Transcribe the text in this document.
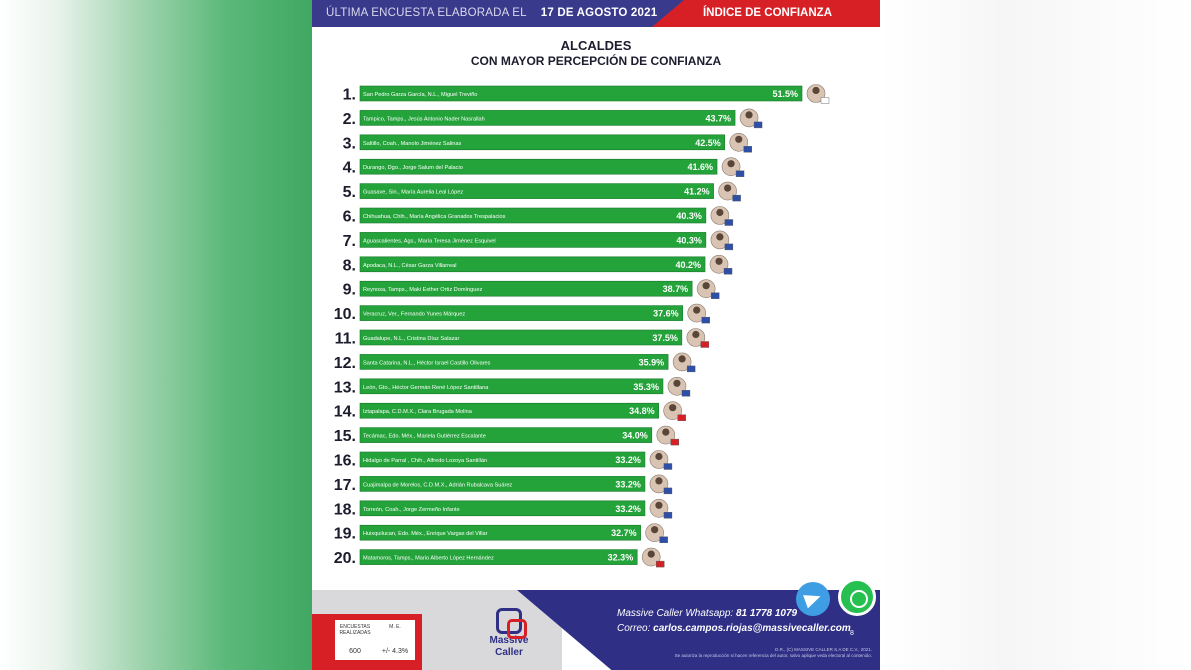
ÚLTIMA ENCUESTA ELABORADA EL 17 DE AGOSTO 2021	ÍNDICE DE CONFIANZA
ALCALDES
CON MAYOR PERCEPCIÓN DE CONFIANZA
1. San Pedro Garza García, N.L., Miguel Treviño	51.5%
2. Tampico, Tamps., Jesús Antonio Nader Nasrallah	43.7%
3. Saltillo, Coah., Manolo Jiménez Salinas	42.5%
4. Durango, Dgo., Jorge Salum del Palacio	41.6%
5. Guasave, Sin., María Aurelia Leal López	41.2%
6. Chihuahua, Chih., María Angélica Granados Trespalacios	40.3%
7. Aguascalientes, Ags., María Teresa Jiménez Esquivel	40.3%
8. Apodaca, N.L., César Garza Villarreal	40.2%
9. Reynosa, Tamps., Maki Esther Ortiz Domínguez	38.7%
10. Veracruz, Ver., Fernando Yunes Márquez	37.6%
11. Guadalupe, N.L., Cristina Díaz Salazar	37.5%
12. Santa Catarina, N.L., Héctor Israel Castillo Olivares	35.9%
13. León, Gto., Héctor Germán René López Santillana	35.3%
14. Iztapalapa, C.D.M.X., Clara Brugada Molina	34.8%
15. Tecámac, Edo. Méx., Mariela Gutiérrez Escalante	34.0%
16. Hidalgo de Parral , Chih., Alfredo Lozoya Santillán	33.2%
17. Cuajimalpa de Morelos, C.D.M.X., Adrián Rubalcava Suárez	33.2%
18. Torreón, Coah., Jorge Zermeño Infante	33.2%
19. Huixquilucan, Edo. Méx., Enrique Vargas del Villar	32.7%
20. Matamoros, Tamps., Mario Alberto López Hernández	32.3%
ENCUESTAS REALIZADAS
M. E.
600	+/- 4.3%
Massive
Caller
Massive Caller Whatsapp: 81 1778 1079
Correo: carlos.campos.riojas@massivecaller.com 8
D.R., (C) MASSIVE CALLER S.A DE C.V., 2021.
Se autoriza la reproducción si hacen referencia del autor, salvo aplique veda electoral al contenido.
